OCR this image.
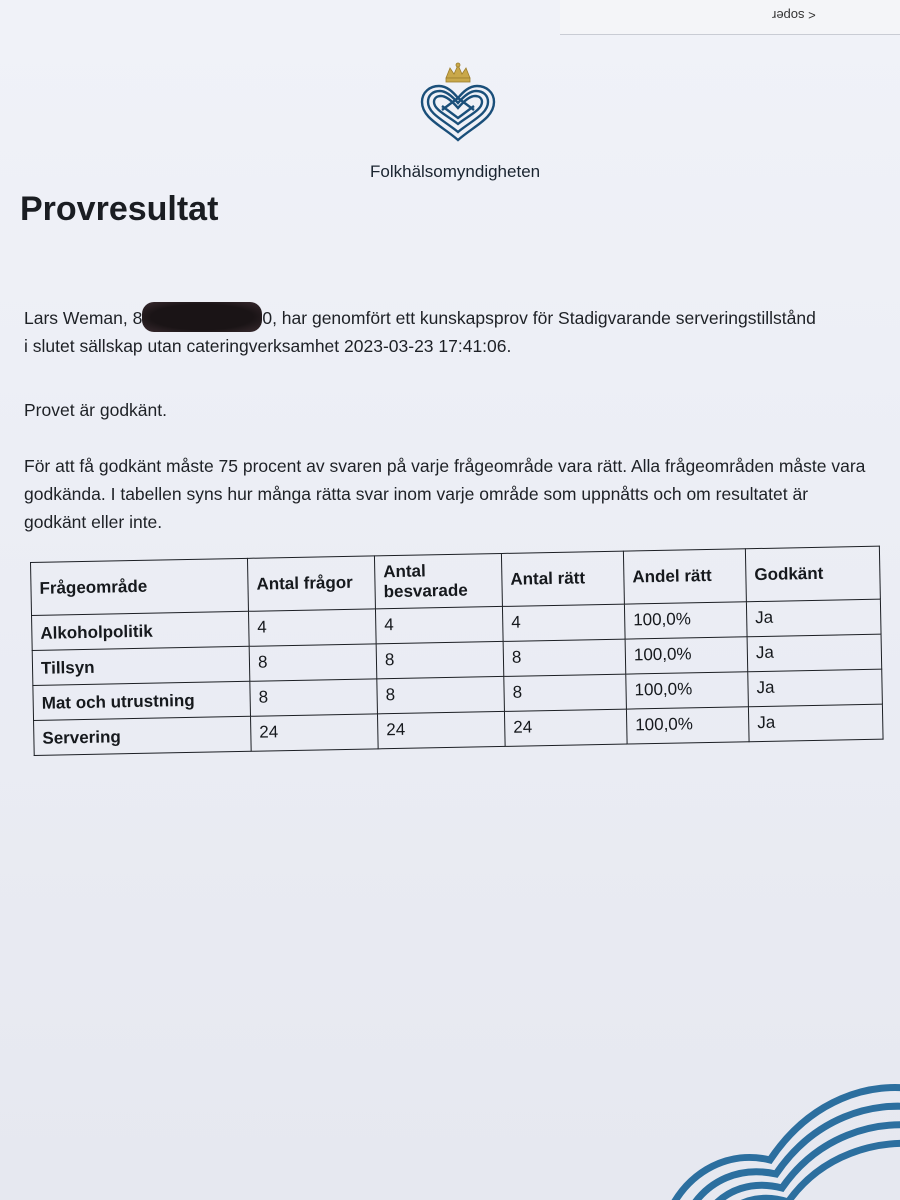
< soper
Folkhälsomyndigheten
Provresultat

Lars Weman, 8	0, har genomfört ett kunskapsprov för Stadigvarande serveringstillstånd
i slutet sällskap utan cateringverksamhet 2023-03-23 17:41:06.

Provet är godkänt.

För att få godkänt måste 75 procent av svaren på varje frågeområde vara rätt. Alla frågeområden måste vara godkända. I tabellen syns hur många rätta svar inom varje område som uppnåtts och om resultatet är godkänt eller inte.

Frågeområde	Antal frågor	Antal besvarade	Antal rätt	Andel rätt	Godkänt
Alkoholpolitik	4	4	4	100,0%	Ja
Tillsyn	8	8	8	100,0%	Ja
Mat och utrustning	8	8	8	100,0%	Ja
Servering	24	24	24	100,0%	Ja
